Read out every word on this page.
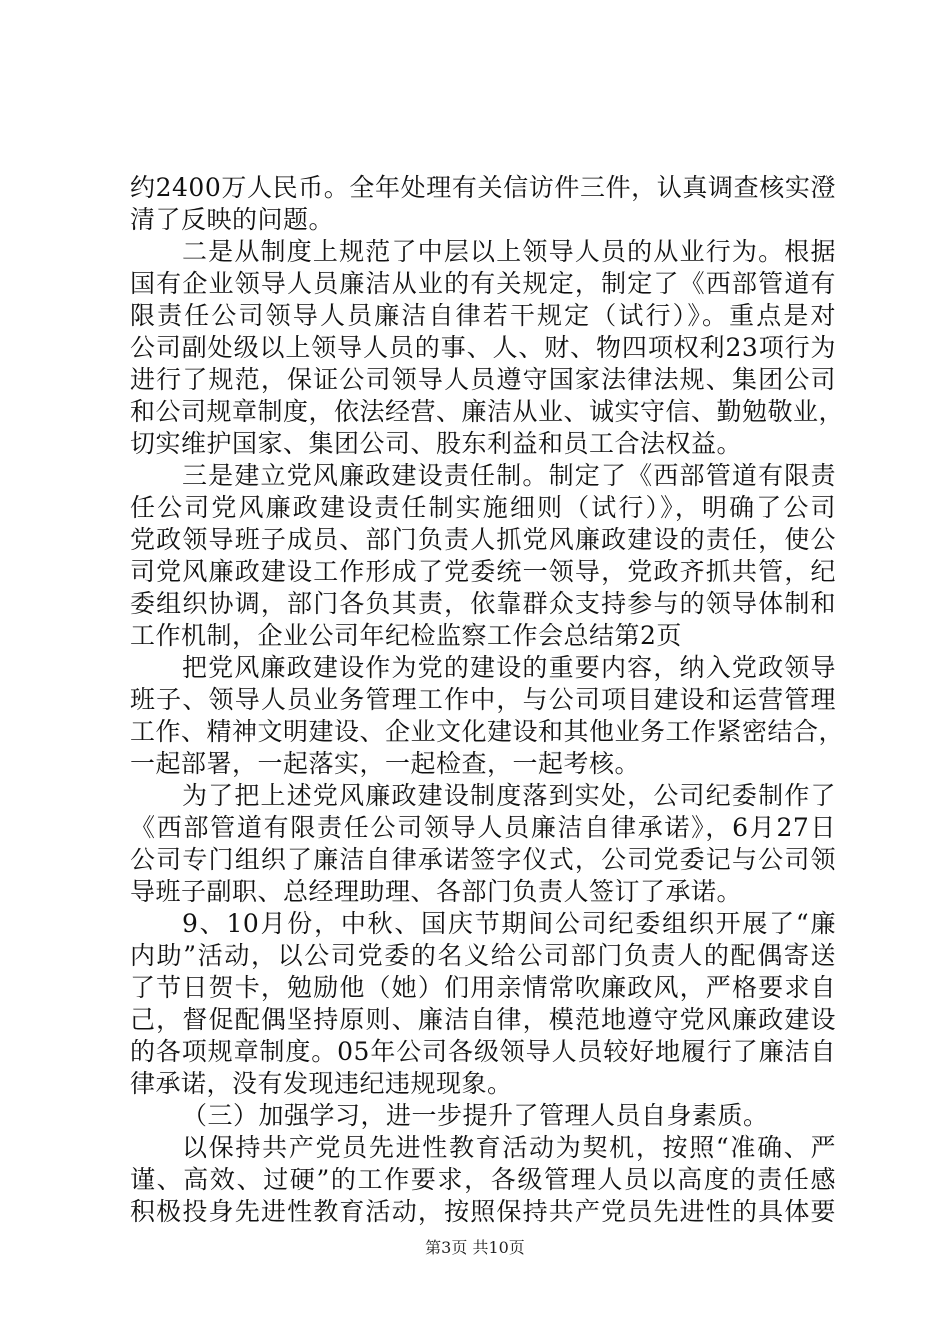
约2400万人民币。全年处理有关信访件三件，认真调查核实澄
清了反映的问题。
二是从制度上规范了中层以上领导人员的从业行为。根据
国有企业领导人员廉洁从业的有关规定，制定了《西部管道有
限责任公司领导人员廉洁自律若干规定（试行）》。重点是对
公司副处级以上领导人员的事、人、财、物四项权利23项行为
进行了规范，保证公司领导人员遵守国家法律法规、集团公司
和公司规章制度，依法经营、廉洁从业、诚实守信、勤勉敬业，
切实维护国家、集团公司、股东利益和员工合法权益。
三是建立党风廉政建设责任制。制定了《西部管道有限责
任公司党风廉政建设责任制实施细则（试行）》，明确了公司
党政领导班子成员、部门负责人抓党风廉政建设的责任，使公
司党风廉政建设工作形成了党委统一领导，党政齐抓共管，纪
委组织协调，部门各负其责，依靠群众支持参与的领导体制和
工作机制，企业公司年纪检监察工作会总结第2页
把党风廉政建设作为党的建设的重要内容，纳入党政领导
班子、领导人员业务管理工作中，与公司项目建设和运营管理
工作、精神文明建设、企业文化建设和其他业务工作紧密结合，
一起部署，一起落实，一起检查，一起考核。
为了把上述党风廉政建设制度落到实处，公司纪委制作了
《西部管道有限责任公司领导人员廉洁自律承诺》，6月27日
公司专门组织了廉洁自律承诺签字仪式，公司党委记与公司领
导班子副职、总经理助理、各部门负责人签订了承诺。
9、10月份，中秋、国庆节期间公司纪委组织开展了“廉
内助”活动，以公司党委的名义给公司部门负责人的配偶寄送
了节日贺卡，勉励他（她）们用亲情常吹廉政风，严格要求自
己，督促配偶坚持原则、廉洁自律，模范地遵守党风廉政建设
的各项规章制度。05年公司各级领导人员较好地履行了廉洁自
律承诺，没有发现违纪违规现象。
（三）加强学习，进一步提升了管理人员自身素质。
以保持共产党员先进性教育活动为契机，按照“准确、严
谨、高效、过硬”的工作要求，各级管理人员以高度的责任感
积极投身先进性教育活动，按照保持共产党员先进性的具体要
第3页 共10页
